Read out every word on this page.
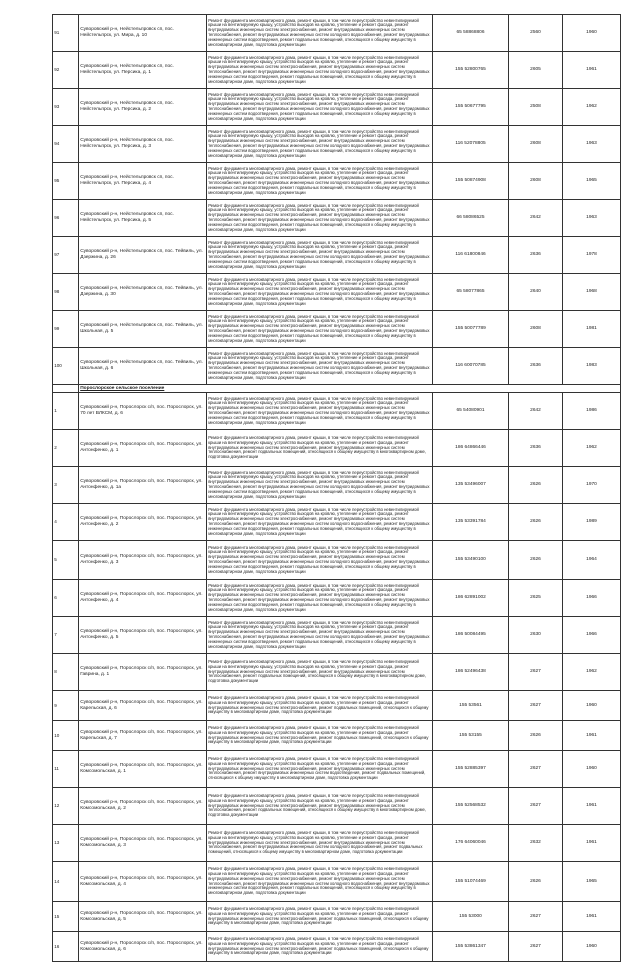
91	Суворовский р-н, Нейстельпровск сп, пос. Нейстельпрск, ул. Мира, д. 10	Ремонт фундамента многоквартирного дома, ремонт крыши, в том числе переустройство невентилируемой крыши на вентилируемую крышу, устройство выходов на кровлю, утепление и ремонт фасада, ремонт внутридомовых инженерных систем электроснабжения, ремонт внутридомовых инженерных систем теплоснабжения, ремонт внутридомовых инженерных систем холодного водоснабжения, ремонт внутридомовых инженерных систем водоотведения, ремонт подвальных помещений, относящихся к общему имуществу в многоквартирном доме, подготовка документации	65 58868806	2560	1960
92	Суворовский р-н, Нейстельпровск сп, пос. Нейстельпрск, ул. Персика, д. 1	Ремонт фундамента многоквартирного дома, ремонт крыши, в том числе переустройство невентилируемой крыши на вентилируемую крышу, устройство выходов на кровлю, утепление и ремонт фасада, ремонт внутридомовых инженерных систем электроснабжения, ремонт внутридомовых инженерных систем теплоснабжения, ремонт внутридомовых инженерных систем холодного водоснабжения, ремонт внутридомовых инженерных систем водоотведения, ремонт подвальных помещений, относящихся к общему имуществу в многоквартирном доме, подготовка документации	155 52800765	2605	1961
93	Суворовский р-н, Нейстельпровск сп, пос. Нейстельпрск, ул. Персика, д. 2	Ремонт фундамента многоквартирного дома, ремонт крыши, в том числе переустройство невентилируемой крыши на вентилируемую крышу, устройство выходов на кровлю, утепление и ремонт фасада, ремонт внутридомовых инженерных систем электроснабжения, ремонт внутридомовых инженерных систем теплоснабжения, ремонт внутридомовых инженерных систем холодного водоснабжения, ремонт внутридомовых инженерных систем водоотведения, ремонт подвальных помещений, относящихся к общему имуществу в многоквартирном доме, подготовка документации	155 50677795	2508	1962
94	Суворовский р-н, Нейстельпровск сп, пос. Нейстельпрск, ул. Персика, д. 3	Ремонт фундамента многоквартирного дома, ремонт крыши, в том числе переустройство невентилируемой крыши на вентилируемую крышу, устройство выходов на кровлю, утепление и ремонт фасада, ремонт внутридомовых инженерных систем электроснабжения, ремонт внутридомовых инженерных систем теплоснабжения, ремонт внутридомовых инженерных систем холодного водоснабжения, ремонт внутридомовых инженерных систем водоотведения, ремонт подвальных помещений, относящихся к общему имуществу в многоквартирном доме, подготовка документации	116 52078805	2608	1963
95	Суворовский р-н, Нейстельпровск сп, пос. Нейстельпрск, ул. Персика, д. 4	Ремонт фундамента многоквартирного дома, ремонт крыши, в том числе переустройство невентилируемой крыши на вентилируемую крышу, устройство выходов на кровлю, утепление и ремонт фасада, ремонт внутридомовых инженерных систем электроснабжения, ремонт внутридомовых инженерных систем теплоснабжения, ремонт внутридомовых инженерных систем холодного водоснабжения, ремонт внутридомовых инженерных систем водоотведения, ремонт подвальных помещений, относящихся к общему имуществу в многоквартирном доме, подготовка документации	155 50874908	2608	1965
96	Суворовский р-н, Нейстельпровск сп, пос. Нейстельпрск, ул. Персика, д. 5	Ремонт фундамента многоквартирного дома, ремонт крыши, в том числе переустройство невентилируемой крыши на вентилируемую крышу, устройство выходов на кровлю, утепление и ремонт фасада, ремонт внутридомовых инженерных систем электроснабжения, ремонт внутридомовых инженерных систем теплоснабжения, ремонт внутридомовых инженерных систем холодного водоснабжения, ремонт внутридомовых инженерных систем водоотведения, ремонт подвальных помещений, относящихся к общему имуществу в многоквартирном доме, подготовка документации	66 58086525	2642	1963
97	Суворовский р-н, Нейстельпровск сп, пос. Тейвиль, ул. Дзержина, д. 26	Ремонт фундамента многоквартирного дома, ремонт крыши, в том числе переустройство невентилируемой крыши на вентилируемую крышу, устройство выходов на кровлю, утепление и ремонт фасада, ремонт внутридомовых инженерных систем электроснабжения, ремонт внутридомовых инженерных систем теплоснабжения, ремонт внутридомовых инженерных систем холодного водоснабжения, ремонт внутридомовых инженерных систем водоотведения, ремонт подвальных помещений, относящихся к общему имуществу в многоквартирном доме, подготовка документации	116 61800846	2636	1978
98	Суворовский р-н, Нейстельпровск сп, пос. Тейвиль, ул. Дзержина, д. 30	Ремонт фундамента многоквартирного дома, ремонт крыши, в том числе переустройство невентилируемой крыши на вентилируемую крышу, устройство выходов на кровлю, утепление и ремонт фасада, ремонт внутридомовых инженерных систем электроснабжения, ремонт внутридомовых инженерных систем теплоснабжения, ремонт внутридомовых инженерных систем холодного водоснабжения, ремонт внутридомовых инженерных систем водоотведения, ремонт подвальных помещений, относящихся к общему имуществу в многоквартирном доме, подготовка документации	65 58077865	2640	1968
99	Суворовский р-н, Нейстельпровск сп, пос. Тейвиль, ул. Школьная, д. 5	Ремонт фундамента многоквартирного дома, ремонт крыши, в том числе переустройство невентилируемой крыши на вентилируемую крышу, устройство выходов на кровлю, утепление и ремонт фасада, ремонт внутридомовых инженерных систем электроснабжения, ремонт внутридомовых инженерных систем теплоснабжения, ремонт внутридомовых инженерных систем холодного водоснабжения, ремонт внутридомовых инженерных систем водоотведения, ремонт подвальных помещений, относящихся к общему имуществу в многоквартирном доме, подготовка документации	155 50077789	2608	1981
100	Суворовский р-н, Нейстельпровск сп, пос. Тейвиль, ул. Школьная, д. 6	Ремонт фундамента многоквартирного дома, ремонт крыши, в том числе переустройство невентилируемой крыши на вентилируемую крышу, устройство выходов на кровлю, утепление и ремонт фасада, ремонт внутридомовых инженерных систем электроснабжения, ремонт внутридомовых инженерных систем теплоснабжения, ремонт внутридомовых инженерных систем холодного водоснабжения, ремонт внутридомовых инженерных систем водоотведения, ремонт подвальных помещений, относящихся к общему имуществу в многоквартирном доме, подготовка документации	116 60070785	2636	1983
	Порослорское сельское поселение				
1	Суворовский р-н, Порослорск с/п, пос. Порослорск, ул. 70 лет ВЛКСМ, д. 6	Ремонт фундамента многоквартирного дома, ремонт крыши, в том числе переустройство невентилируемой крыши на вентилируемую крышу, устройство выходов на кровлю, утепление и ремонт фасада, ремонт внутридомовых инженерных систем электроснабжения, ремонт внутридомовых инженерных систем теплоснабжения, ремонт внутридомовых инженерных систем холодного водоснабжения, ремонт внутридомовых инженерных систем водоотведения, ремонт подвальных помещений, относящихся к общему имуществу в многоквартирном доме, подготовка документации	65 54080901	2642	1986
2	Суворовский р-н, Порослорск с/п, пос. Порослорск, ул. Антонфенко, д. 1	Ремонт фундамента многоквартирного дома, ремонт крыши, в том числе переустройство невентилируемой крыши на вентилируемую крышу, устройство выходов на кровлю, утепление и ремонт фасада, ремонт внутридомовых инженерных систем электроснабжения, ремонт внутридомовых инженерных систем теплоснабжения, ремонт подвальных помещений, относящихся к общему имуществу в многоквартирном доме, подготовка документации	186 64866446	2636	1962
3	Суворовский р-н, Порослорск с/п, пос. Порослорск, ул. Антонфенко, д. 1а	Ремонт фундамента многоквартирного дома, ремонт крыши, в том числе переустройство невентилируемой крыши на вентилируемую крышу, устройство выходов на кровлю, утепление и ремонт фасада, ремонт внутридомовых инженерных систем электроснабжения, ремонт внутридомовых инженерных систем теплоснабжения, ремонт внутридомовых инженерных систем холодного водоснабжения, ремонт внутридомовых инженерных систем водоотведения, ремонт подвальных помещений, относящихся к общему имуществу в многоквартирном доме, подготовка документации	135 53496007	2626	1970
4	Суворовский р-н, Порослорск с/п, пос. Порослорск, ул. Антонфенко, д. 2	Ремонт фундамента многоквартирного дома, ремонт крыши, в том числе переустройство невентилируемой крыши на вентилируемую крышу, устройство выходов на кровлю, утепление и ремонт фасада, ремонт внутридомовых инженерных систем электроснабжения, ремонт внутридомовых инженерных систем теплоснабжения, ремонт внутридомовых инженерных систем холодного водоснабжения, ремонт внутридомовых инженерных систем водоотведения, ремонт подвальных помещений, относящихся к общему имуществу в многоквартирном доме, подготовка документации	135 53391784	2626	1989
5	Суворовский р-н, Порослорск с/п, пос. Порослорск, ул. Антонфенко, д. 3	Ремонт фундамента многоквартирного дома, ремонт крыши, в том числе переустройство невентилируемой крыши на вентилируемую крышу, устройство выходов на кровлю, утепление и ремонт фасада, ремонт внутридомовых инженерных систем электроснабжения, ремонт внутридомовых инженерных систем теплоснабжения, ремонт внутридомовых инженерных систем холодного водоснабжения, ремонт внутридомовых инженерных систем водоотведения, ремонт подвальных помещений, относящихся к общему имуществу в многоквартирном доме, подготовка документации	155 53490100	2626	1964
6	Суворовский р-н, Порослорск с/п, пос. Порослорск, ул. Антонфенко, д. 4	Ремонт фундамента многоквартирного дома, ремонт крыши, в том числе переустройство невентилируемой крыши на вентилируемую крышу, устройство выходов на кровлю, утепление и ремонт фасада, ремонт внутридомовых инженерных систем электроснабжения, ремонт внутридомовых инженерных систем теплоснабжения, ремонт внутридомовых инженерных систем холодного водоснабжения, ремонт внутридомовых инженерных систем водоотведения, ремонт подвальных помещений, относящихся к общему имуществу в многоквартирном доме, подготовка документации	186 62891002	2625	1966
7	Суворовский р-н, Порослорск с/п, пос. Порослорск, ул. Антонфенко, д. 5	Ремонт фундамента многоквартирного дома, ремонт крыши, в том числе переустройство невентилируемой крыши на вентилируемую крышу, устройство выходов на кровлю, утепление и ремонт фасада, ремонт внутридомовых инженерных систем электроснабжения, ремонт внутридомовых инженерных систем теплоснабжения, ремонт внутридомовых инженерных систем холодного водоснабжения, ремонт внутридомовых инженерных систем водоотведения, ремонт подвальных помещений, относящихся к общему имуществу в многоквартирном доме, подготовка документации	186 50084495	2630	1966
8	Суворовский р-н, Порослорск с/п, пос. Порослорск, ул. Гаврина, д. 1	Ремонт фундамента многоквартирного дома, ремонт крыши, в том числе переустройство невентилируемой крыши на вентилируемую крышу, устройство выходов на кровлю, утепление и ремонт фасада, ремонт внутридомовых инженерных систем электроснабжения, ремонт внутридомовых инженерных систем теплоснабжения, ремонт подвальных помещений, относящихся к общему имуществу в многоквартирном доме, подготовка документации	186 52496438	2627	1962
9	Суворовский р-н, Порослорск с/п, пос. Порослорск, ул. Карельская, д. 6	Ремонт фундамента многоквартирного дома, ремонт крыши, в том числе переустройство невентилируемой крыши на вентилируемую крышу, устройство выходов на кровлю, утепление и ремонт фасада, ремонт внутридомовых инженерных систем электроснабжения, ремонт подвальных помещений, относящихся к общему имуществу в многоквартирном доме, подготовка документации	155 53561	2627	1960
10	Суворовский р-н, Порослорск с/п, пос. Порослорск, ул. Карельская, д. 7	Ремонт фундамента многоквартирного дома, ремонт крыши, в том числе переустройство невентилируемой крыши на вентилируемую крышу, устройство выходов на кровлю, утепление и ремонт фасада, ремонт внутридомовых инженерных систем электроснабжения, ремонт подвальных помещений, относящихся к общему имуществу в многоквартирном доме, подготовка документации	155 53155	2626	1961
11	Суворовский р-н, Порослорск с/п, пос. Порослорск, ул. Комсомольская, д. 1	Ремонт фундамента многоквартирного дома, ремонт крыши, в том числе переустройство невентилируемой крыши на вентилируемую крышу, устройство выходов на кровлю, утепление и ремонт фасада, ремонт внутридомовых инженерных систем электроснабжения, ремонт внутридомовых инженерных систем теплоснабжения, ремонт внутридомовых инженерных систем водоотведения, ремонт подвальных помещений, относящихся к общему имуществу в многоквартирном доме, подготовка документации	155 52885397	2627	1960
12	Суворовский р-н, Порослорск с/п, пос. Порослорск, ул. Комсомольская, д. 2	Ремонт фундамента многоквартирного дома, ремонт крыши, в том числе переустройство невентилируемой крыши на вентилируемую крышу, устройство выходов на кровлю, утепление и ремонт фасада, ремонт внутридомовых инженерных систем электроснабжения, ремонт внутридомовых инженерных систем теплоснабжения, ремонт подвальных помещений, относящихся к общему имуществу в многоквартирном доме, подготовка документации	155 52568532	2627	1961
13	Суворовский р-н, Порослорск с/п, пос. Порослорск, ул. Комсомольская, д. 3	Ремонт фундамента многоквартирного дома, ремонт крыши, в том числе переустройство невентилируемой крыши на вентилируемую крышу, устройство выходов на кровлю, утепление и ремонт фасада, ремонт внутридомовых инженерных систем электроснабжения, ремонт внутридомовых инженерных систем теплоснабжения, ремонт внутридомовых инженерных систем холодного водоснабжения, ремонт подвальных помещений, относящихся к общему имуществу в многоквартирном доме, подготовка документации	176 64060046	2632	1961
14	Суворовский р-н, Порослорск с/п, пос. Порослорск, ул. Комсомольская, д. 4	Ремонт фундамента многоквартирного дома, ремонт крыши, в том числе переустройство невентилируемой крыши на вентилируемую крышу, устройство выходов на кровлю, утепление и ремонт фасада, ремонт внутридомовых инженерных систем электроснабжения, ремонт внутридомовых инженерных систем теплоснабжения, ремонт внутридомовых инженерных систем холодного водоснабжения, ремонт внутридомовых инженерных систем водоотведения, ремонт подвальных помещений, относящихся к общему имуществу в многоквартирном доме, подготовка документации	155 51074469	2626	1965
15	Суворовский р-н, Порослорск с/п, пос. Порослорск, ул. Комсомольская, д. 5	Ремонт фундамента многоквартирного дома, ремонт крыши, в том числе переустройство невентилируемой крыши на вентилируемую крышу, устройство выходов на кровлю, утепление и ремонт фасада, ремонт внутридомовых инженерных систем электроснабжения, ремонт подвальных помещений, относящихся к общему имуществу в многоквартирном доме, подготовка документации	155 53000	2627	1961
16	Суворовский р-н, Порослорск с/п, пос. Порослорск, ул. Комсомольская, д. 6	Ремонт фундамента многоквартирного дома, ремонт крыши, в том числе переустройство невентилируемой крыши на вентилируемую крышу, устройство выходов на кровлю, утепление и ремонт фасада, ремонт внутридомовых инженерных систем электроснабжения, ремонт подвальных помещений, относящихся к общему имуществу в многоквартирном доме, подготовка документации	155 53861347	2627	1960
